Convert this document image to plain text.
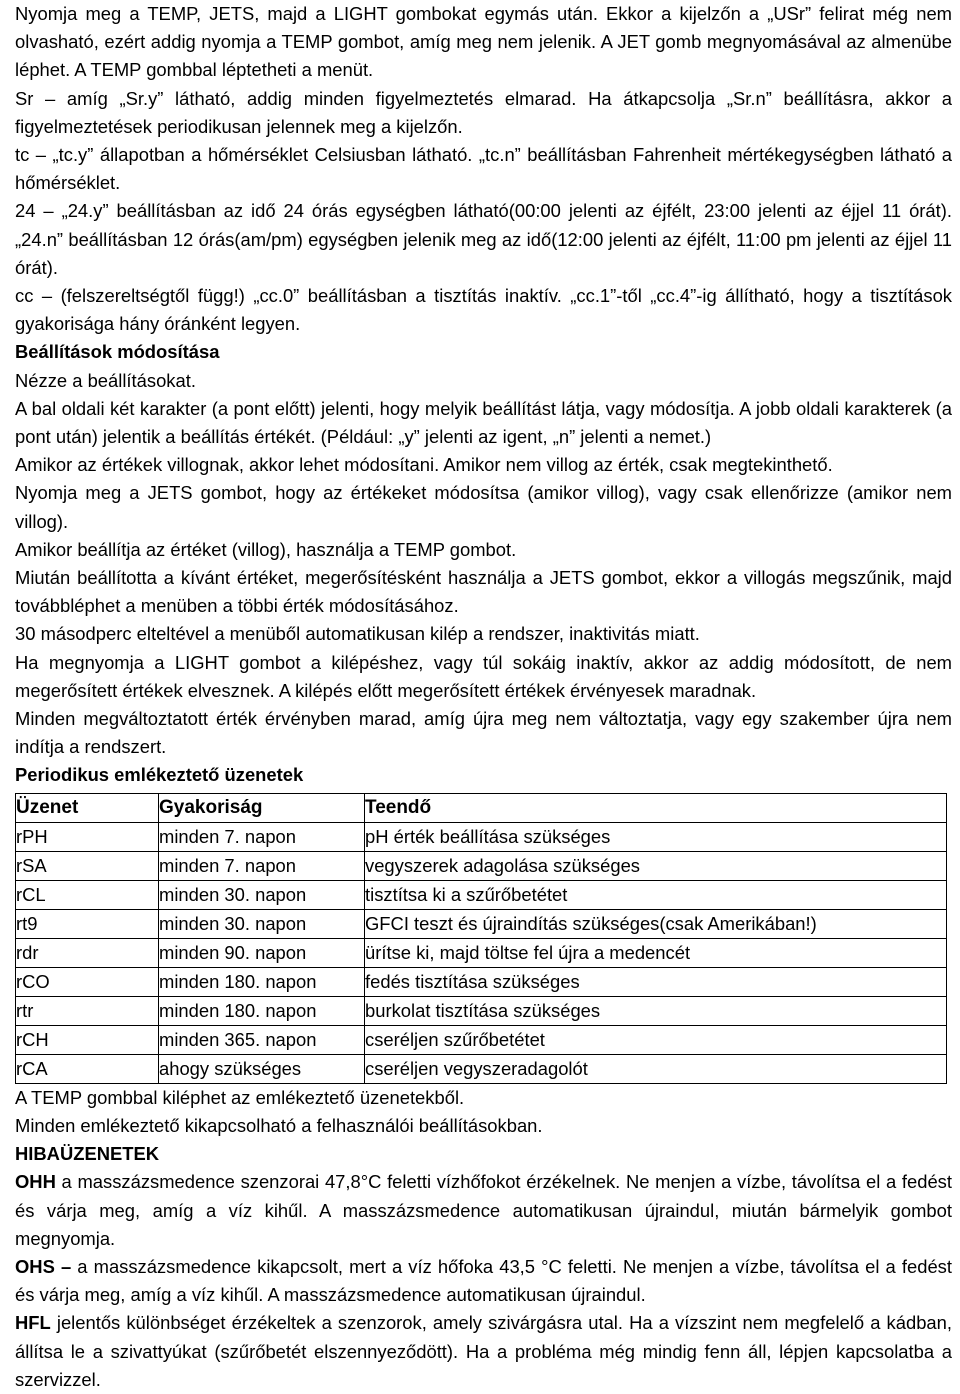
Nyomja meg a TEMP, JETS, majd a LIGHT gombokat egymás után. Ekkor a kijelzőn a „USr” felirat még nem olvasható, ezért addig nyomja a TEMP gombot, amíg meg nem jelenik. A JET gomb megnyomásával az almenübe léphet. A TEMP gombbal léptetheti a menüt.

Sr – amíg „Sr.y” látható, addig minden figyelmeztetés elmarad. Ha átkapcsolja „Sr.n” beállításra, akkor a figyelmeztetések periodikusan jelennek meg a kijelzőn.

tc – „tc.y” állapotban a hőmérséklet Celsiusban látható. „tc.n” beállításban Fahrenheit mértékegységben látható a hőmérséklet.

24 – „24.y” beállításban az idő 24 órás egységben látható(00:00 jelenti az éjfélt, 23:00 jelenti az éjjel 11 órát). „24.n” beállításban 12 órás(am/pm) egységben jelenik meg az idő(12:00 jelenti az éjfélt, 11:00 pm jelenti az éjjel 11 órát).

cc – (felszereltségtől függ!) „cc.0” beállításban a tisztítás inaktív. „cc.1”-től „cc.4”-ig állítható, hogy a tisztítások gyakorisága hány óránként legyen.

Beállítások módosítása

Nézze a beállításokat.

A bal oldali két karakter (a pont előtt) jelenti, hogy melyik beállítást látja, vagy módosítja. A jobb oldali karakterek (a pont után) jelentik a beállítás értékét. (Például: „y” jelenti az igent, „n” jelenti a nemet.)

Amikor az értékek villognak, akkor lehet módosítani. Amikor nem villog az érték, csak megtekinthető.

Nyomja meg a JETS gombot, hogy az értékeket módosítsa (amikor villog), vagy csak ellenőrizze (amikor nem villog).

Amikor beállítja az értéket (villog), használja a TEMP gombot.

Miután beállította a kívánt értéket, megerősítésként használja a JETS gombot, ekkor a villogás megszűnik, majd továbbléphet a menüben a többi érték módosításához.

30 másodperc elteltével a menüből automatikusan kilép a rendszer, inaktivitás miatt.

Ha megnyomja a LIGHT gombot a kilépéshez, vagy túl sokáig inaktív, akkor az addig módosított, de nem megerősített értékek elvesznek. A kilépés előtt megerősített értékek érvényesek maradnak.

Minden megváltoztatott érték érvényben marad, amíg újra meg nem változtatja, vagy egy szakember újra nem indítja a rendszert.

Periodikus emlékeztető üzenetek

Üzenet	Gyakoriság	Teendő
rPH	minden 7. napon	pH érték beállítása szükséges
rSA	minden 7. napon	vegyszerek adagolása szükséges
rCL	minden 30. napon	tisztítsa ki a szűrőbetétet
rt9	minden 30. napon	GFCI teszt és újraindítás szükséges(csak Amerikában!)
rdr	minden 90. napon	ürítse ki, majd töltse fel újra a medencét
rCO	minden 180. napon	fedés tisztítása szükséges
rtr	minden 180. napon	burkolat tisztítása szükséges
rCH	minden 365. napon	cseréljen szűrőbetétet
rCA	ahogy szükséges	cseréljen vegyszeradagolót

A TEMP gombbal kiléphet az emlékeztető üzenetekből.

Minden emlékeztető kikapcsolható a felhasználói beállításokban.

HIBAÜZENETEK

OHH a masszázsmedence szenzorai 47,8°C feletti vízhőfokot érzékelnek. Ne menjen a vízbe, távolítsa el a fedést és várja meg, amíg a víz kihűl. A masszázsmedence automatikusan újraindul, miután bármelyik gombot megnyomja.

OHS – a masszázsmedence kikapcsolt, mert a víz hőfoka 43,5 °C feletti. Ne menjen a vízbe, távolítsa el a fedést és várja meg, amíg a víz kihűl. A masszázsmedence automatikusan újraindul.

HFL jelentős különbséget érzékeltek a szenzorok, amely szivárgásra utal. Ha a vízszint nem megfelelő a kádban, állítsa le a szivattyúkat (szűrőbetét elszennyeződött). Ha a probléma még mindig fenn áll, lépjen kapcsolatba a szervizzel.
